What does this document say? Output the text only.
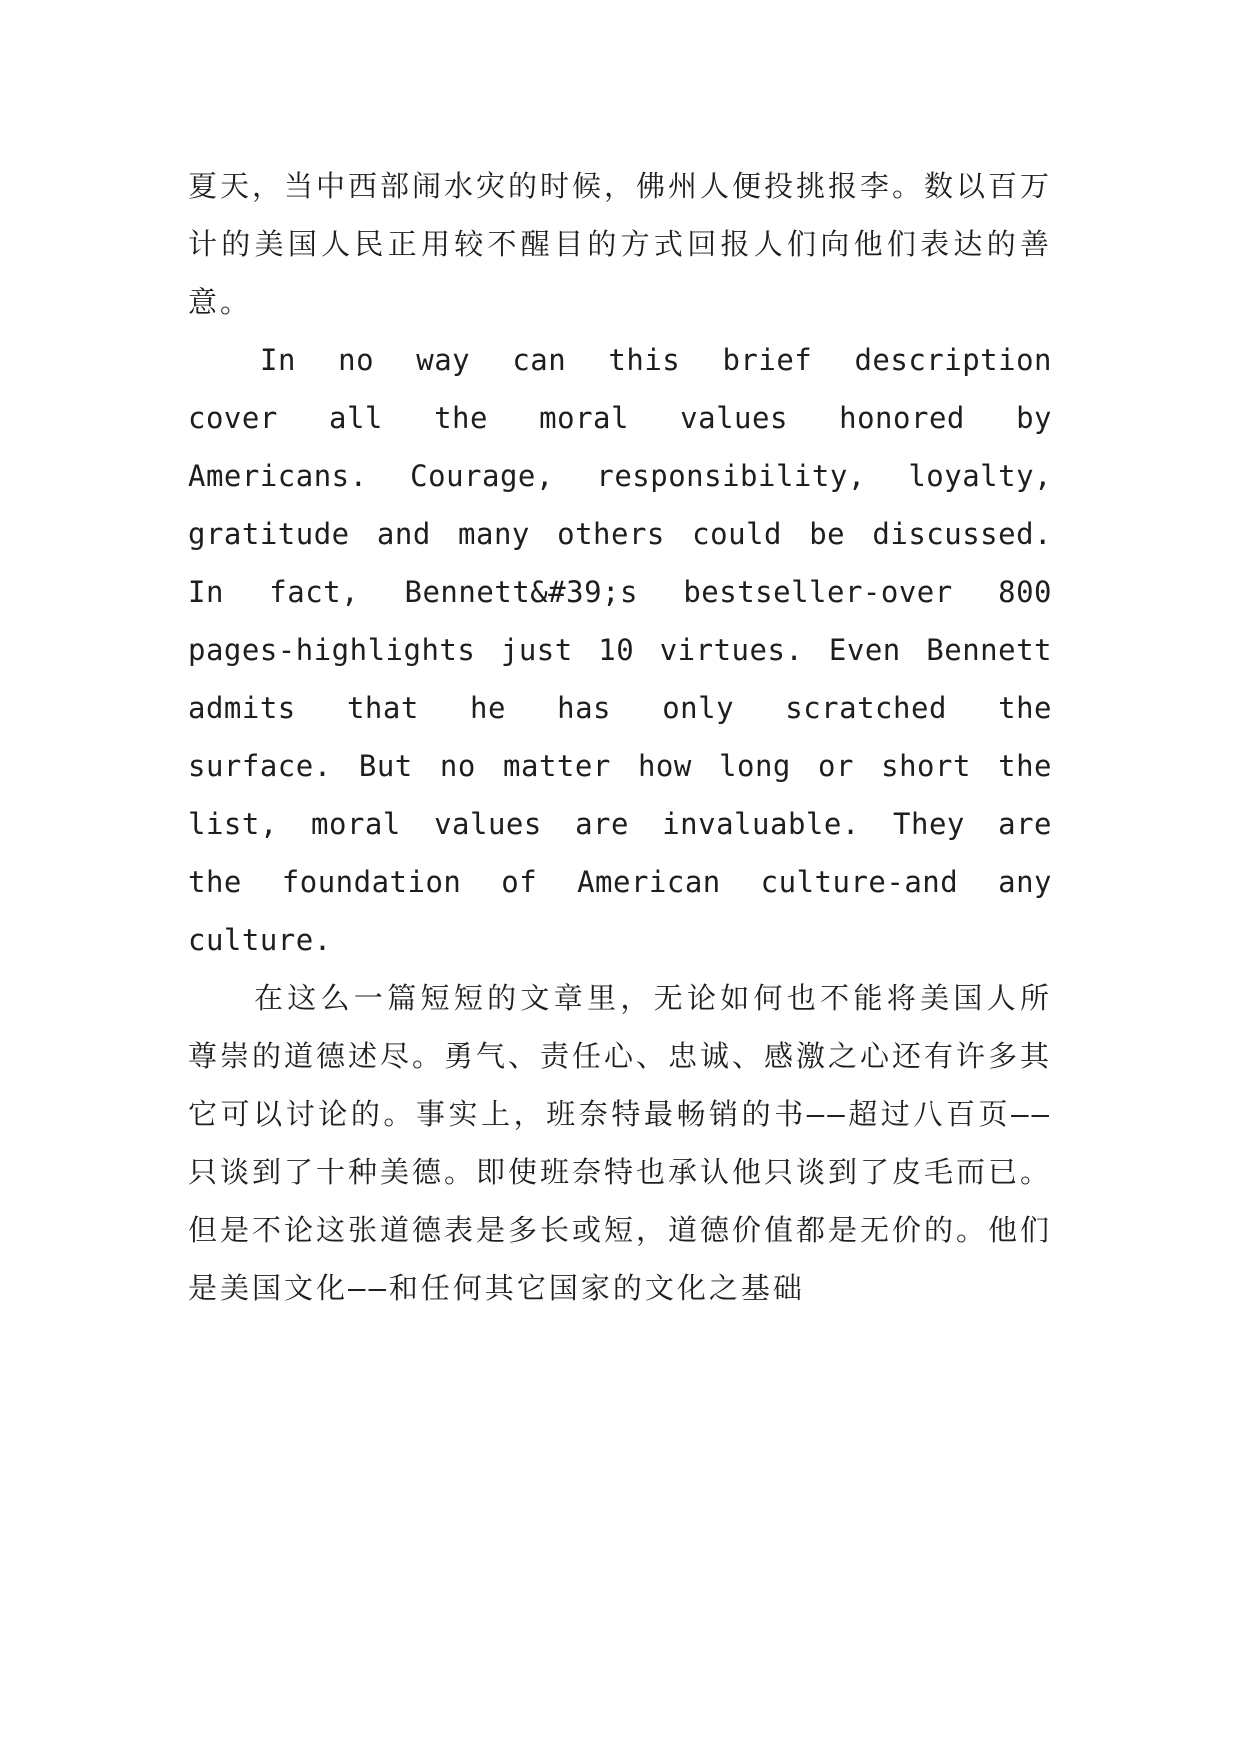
夏天，当中西部闹水灾的时候，佛州人便投挑报李。数以百万计的美国人民正用较不醒目的方式回报人们向他们表达的善意。

In no way can this brief description cover all the moral values honored by Americans. Courage, responsibility, loyalty, gratitude and many others could be discussed. In fact, Bennett&#39;s bestseller-over 800 pages-highlights just 10 virtues. Even Bennett admits that he has only scratched the surface. But no matter how long or short the list, moral values are invaluable. They are the foundation of American culture-and any culture.

在这么一篇短短的文章里，无论如何也不能将美国人所尊崇的道德述尽。勇气、责任心、忠诚、感激之心还有许多其它可以讨论的。事实上，班奈特最畅销的书——超过八百页——只谈到了十种美德。即使班奈特也承认他只谈到了皮毛而已。但是不论这张道德表是多长或短，道德价值都是无价的。他们是美国文化——和任何其它国家的文化之基础
